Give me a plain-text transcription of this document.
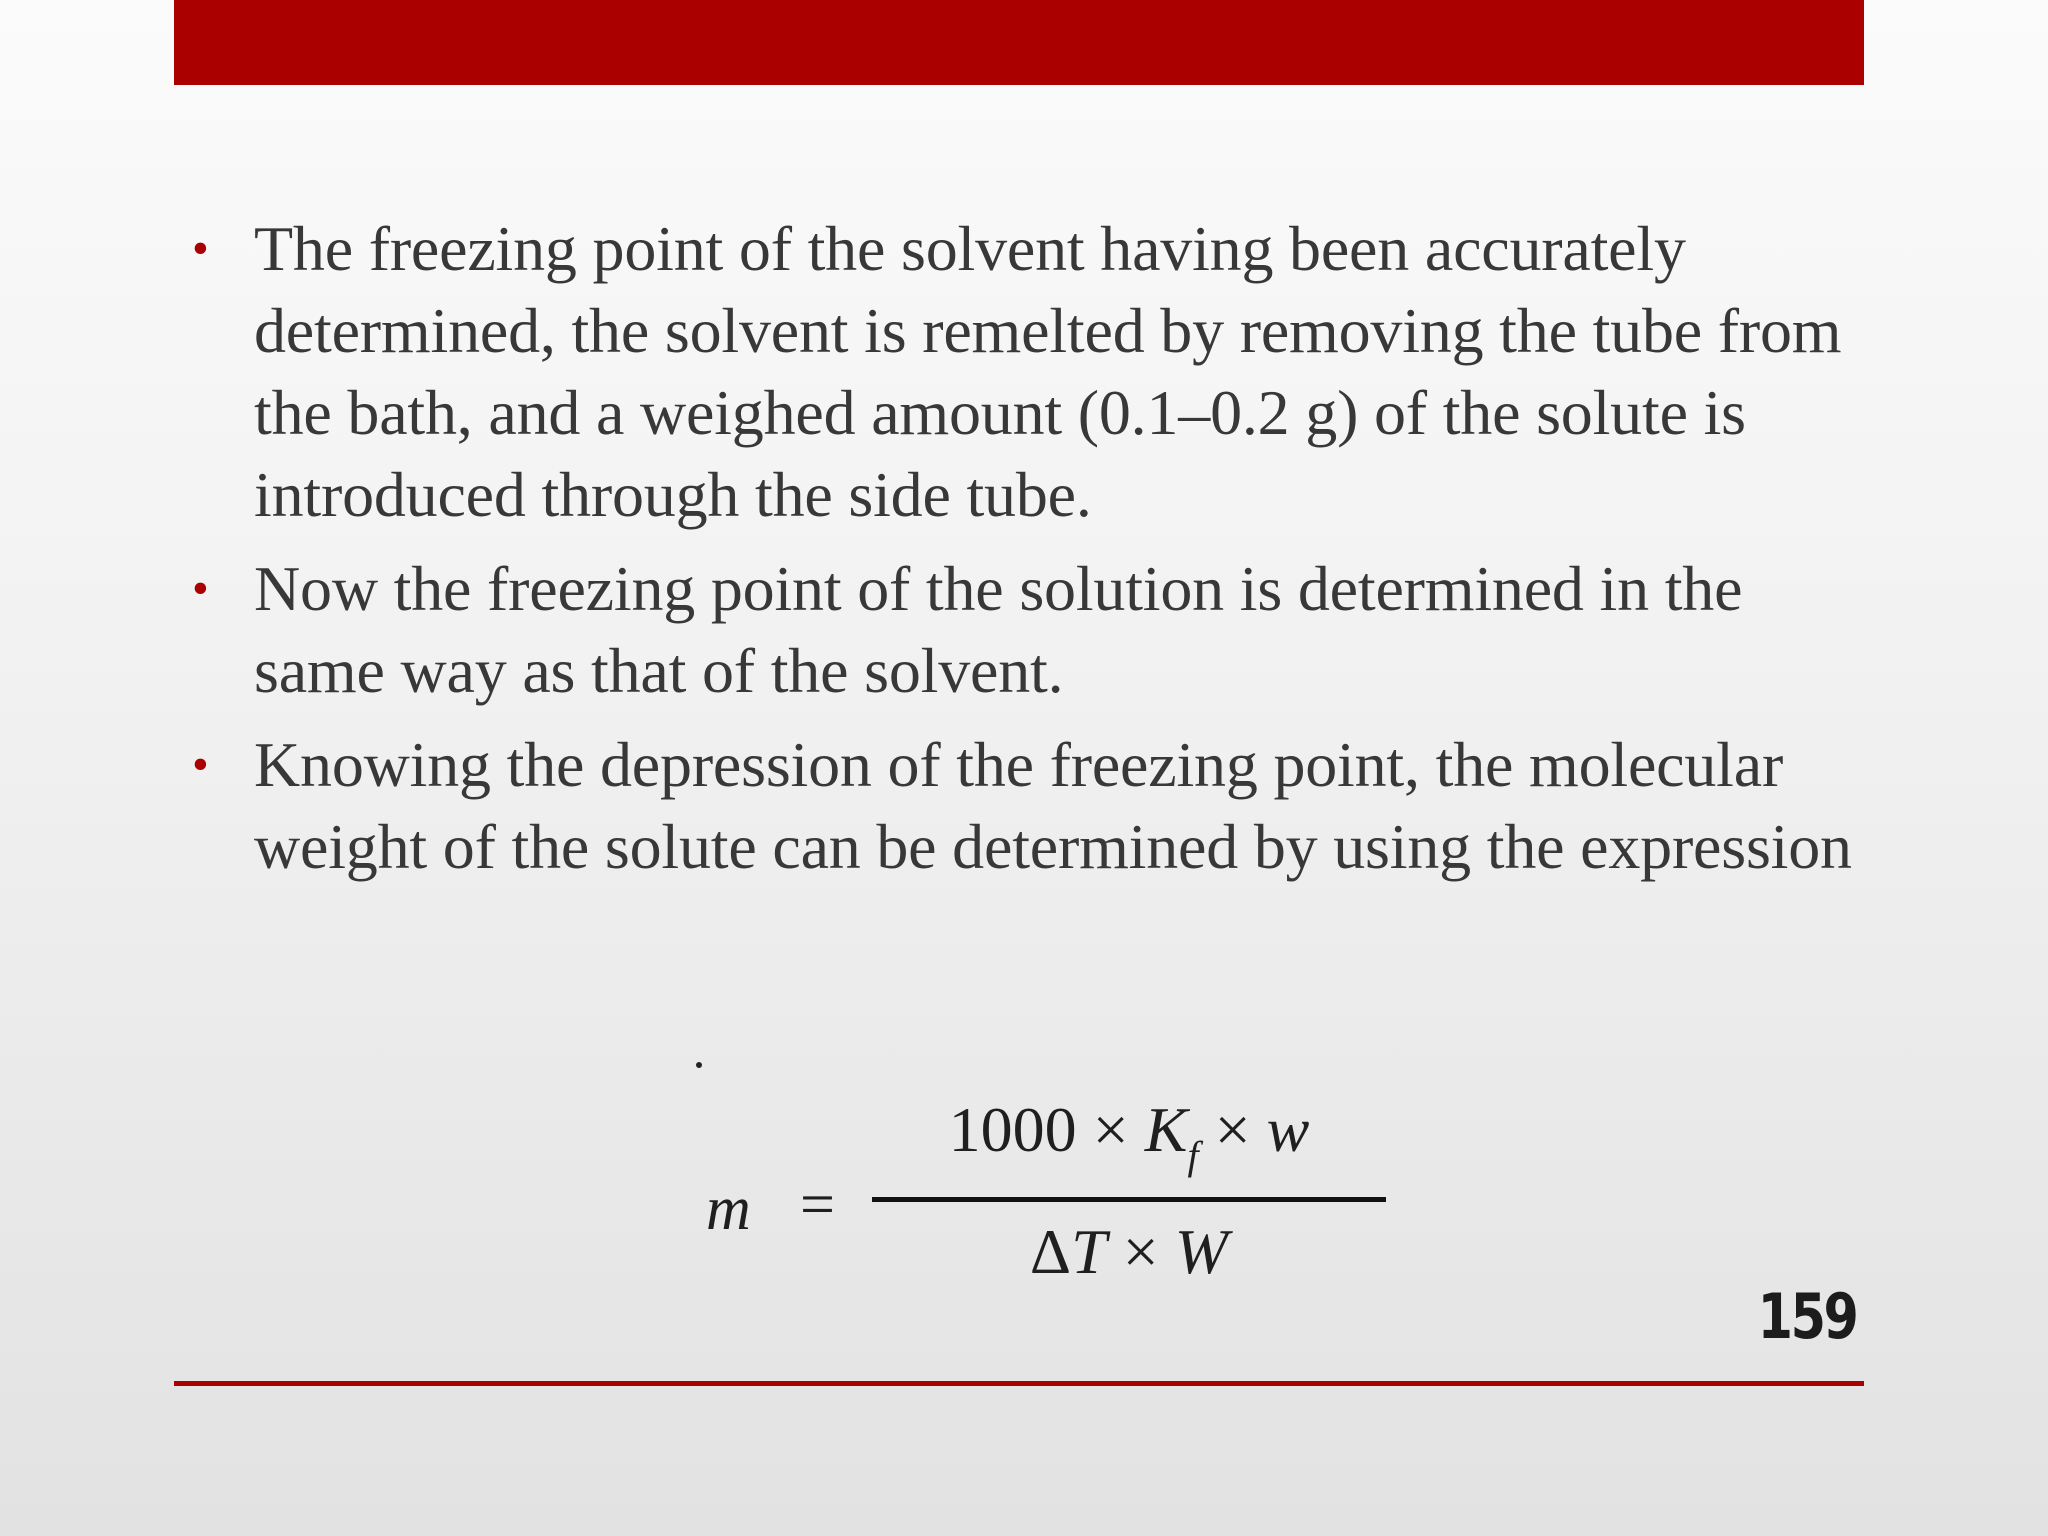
• The freezing point of the solvent having been accurately determined, the solvent is remelted by removing the tube from the bath, and a weighed amount (0.1–0.2 g) of the solute is introduced through the side tube.
• Now the freezing point of the solution is determined in the same way as that of the solvent.
• Knowing the depression of the freezing point, the molecular weight of the solute can be determined by using the expression
m =
$1000 \times K_f \times w$
ΔT × W
159
